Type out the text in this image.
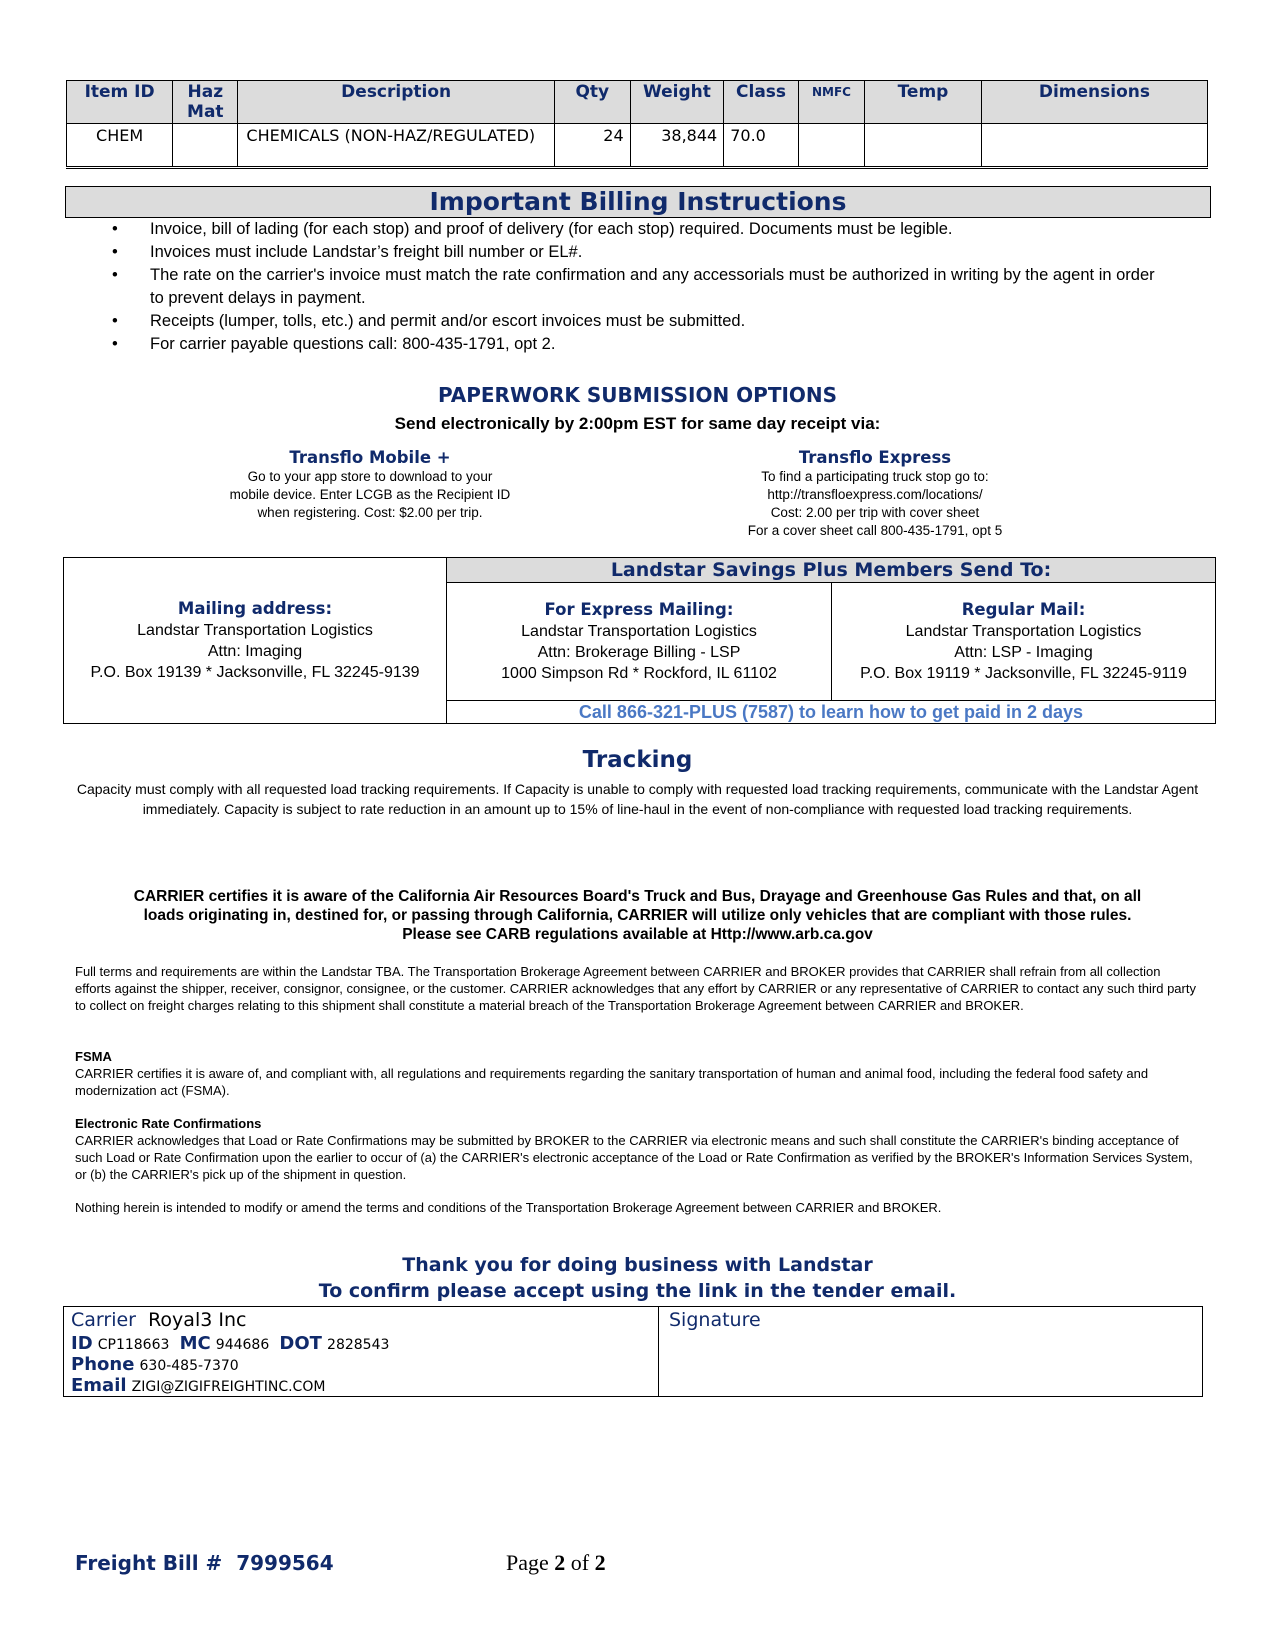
Item ID	Haz Mat	Description	Qty	Weight	Class	NMFC	Temp	Dimensions
CHEM		CHEMICALS (NON-HAZ/REGULATED)	24	38,844	70.0			
Important Billing Instructions
• Invoice, bill of lading (for each stop) and proof of delivery (for each stop) required. Documents must be legible.
• Invoices must include Landstar’s freight bill number or EL#.
• The rate on the carrier's invoice must match the rate confirmation and any accessorials must be authorized in writing by the agent in order to prevent delays in payment.
• Receipts (lumper, tolls, etc.) and permit and/or escort invoices must be submitted.
• For carrier payable questions call: 800-435-1791, opt 2.
PAPERWORK SUBMISSION OPTIONS
Send electronically by 2:00pm EST for same day receipt via:
Transflo Mobile +
Go to your app store to download to your
mobile device. Enter LCGB as the Recipient ID
when registering. Cost: $2.00 per trip.
Transflo Express
To find a participating truck stop go to:
http://transfloexpress.com/locations/
Cost: 2.00 per trip with cover sheet
For a cover sheet call 800-435-1791, opt 5
Mailing address:
Landstar Transportation Logistics
Attn: Imaging
P.O. Box 19139 * Jacksonville, FL 32245-9139
Landstar Savings Plus Members Send To:
For Express Mailing:
Landstar Transportation Logistics
Attn: Brokerage Billing - LSP
1000 Simpson Rd * Rockford, IL 61102
Regular Mail:
Landstar Transportation Logistics
Attn: LSP - Imaging
P.O. Box 19119 * Jacksonville, FL 32245-9119
Call 866-321-PLUS (7587) to learn how to get paid in 2 days
Tracking
Capacity must comply with all requested load tracking requirements. If Capacity is unable to comply with requested load tracking requirements, communicate with the Landstar Agent immediately. Capacity is subject to rate reduction in an amount up to 15% of line-haul in the event of non-compliance with requested load tracking requirements.
CARRIER certifies it is aware of the California Air Resources Board's Truck and Bus, Drayage and Greenhouse Gas Rules and that, on all
loads originating in, destined for, or passing through California, CARRIER will utilize only vehicles that are compliant with those rules.
Please see CARB regulations available at Http://www.arb.ca.gov
Full terms and requirements are within the Landstar TBA. The Transportation Brokerage Agreement between CARRIER and BROKER provides that CARRIER shall refrain from all collection efforts against the shipper, receiver, consignor, consignee, or the customer. CARRIER acknowledges that any effort by CARRIER or any representative of CARRIER to contact any such third party to collect on freight charges relating to this shipment shall constitute a material breach of the Transportation Brokerage Agreement between CARRIER and BROKER.
FSMA
CARRIER certifies it is aware of, and compliant with, all regulations and requirements regarding the sanitary transportation of human and animal food, including the federal food safety and modernization act (FSMA).
Electronic Rate Confirmations
CARRIER acknowledges that Load or Rate Confirmations may be submitted by BROKER to the CARRIER via electronic means and such shall constitute the CARRIER's binding acceptance of such Load or Rate Confirmation upon the earlier to occur of (a) the CARRIER's electronic acceptance of the Load or Rate Confirmation as verified by the BROKER's Information Services System, or (b) the CARRIER's pick up of the shipment in question.
Nothing herein is intended to modify or amend the terms and conditions of the Transportation Brokerage Agreement between CARRIER and BROKER.
Thank you for doing business with Landstar
To confirm please accept using the link in the tender email.
Carrier Royal3 Inc
ID CP118663 MC 944686 DOT 2828543
Phone 630-485-7370
Email ZIGI@ZIGIFREIGHTINC.COM
Signature
Freight Bill # 7999564	Page 2 of 2
